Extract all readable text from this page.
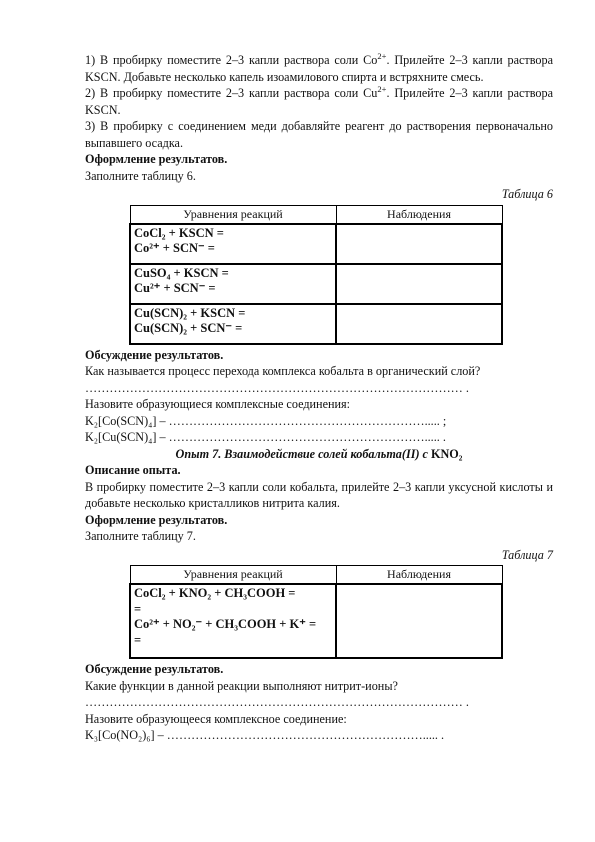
1) В пробирку поместите 2–3 капли раствора соли $Co^{2+}$. Прилейте 2–3 капли раствора KSCN. Добавьте несколько капель изоамилового спирта и встряхните смесь.

2) В пробирку поместите 2–3 капли раствора соли $Cu^{2+}$. Прилейте 2–3 капли раствора KSCN.

3) В пробирку с соединением меди добавляйте реагент до растворения первоначально выпавшего осадка.

Оформление результатов.

Заполните таблицу 6.

Таблица 6

Уравнения реакций	Наблюдения

CoCl₂ + KSCN =
Co²⁺ + SCN⁻ =	

CuSO₄ + KSCN =
Cu²⁺ + SCN⁻ =	

Cu(SCN)₂ + KSCN =
Cu(SCN)₂ + SCN⁻ =	

Обсуждение результатов.

Как называется процесс перехода комплекса кобальта в органический слой?

………………………………………………………………………………… .

Назовите образующиеся комплексные соединения:

K₂[Co(SCN)₄] – ………………………………………………………..... ;

K₂[Cu(SCN)₄] – ………………………………………………………..... .

Опыт 7. Взаимодействие солей кобальта(II) с KNO₂

Описание опыта.

В пробирку поместите 2–3 капли соли кобальта, прилейте 2–3 капли уксусной кислоты и добавьте несколько кристалликов нитрита калия.

Оформление результатов.

Заполните таблицу 7.

Таблица 7

Уравнения реакций	Наблюдения

CoCl₂ + KNO₂ + CH₃COOH =
=
Co²⁺ + NO₂⁻ + CH₃COOH + K⁺ =
=	

Обсуждение результатов.

Какие функции в данной реакции выполняют нитрит-ионы?

………………………………………………………………………………… .

Назовите образующееся комплексное соединение:

K₃[Co(NO₂)₆] – ………………………………………………………..... .
